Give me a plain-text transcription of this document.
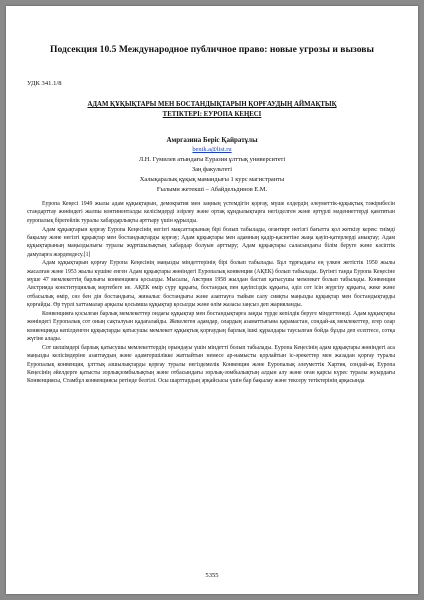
Подсекция 10.5 Международное публичное право: новые угрозы и вызовы
УДК 341.1/8
АДАМ ҚҰҚЫҚТАРЫ МЕН БОСТАНДЫҚТАРЫН ҚОРҒАУДЫҢ АЙМАҚТЫҚ
ТЕТІКТЕРІ: ЕУРОПА КЕҢЕСІ
Амргазина Беріс Қайратұлы
benik.a@list.ru
Л.Н. Гумилев атындағы Еуразия ұлттық университеті
Заң факультеті
Халықаралық құқық мамандығы 1 курс магистранты
Ғылыми жетекші – Абайдельдинов Е.М.

Еуропа Кеңесі 1949 жылы адам құқықтарын, демократия мен заңның үстемдігін қорғау, мүше елдердің әлеуметтік-құқықтық тәжірибесін стандарттау жөніндегі жалпы континенталды келісімдерді әзірлеу және ортақ құндылықтарға негізделген және әртүрлі мәдениеттерді қамтитын еуропалық бірегейлік туралы хабардарлықты арттыру үшін құрылды.

Адам құқықтарын қорғау Еуропа Кеңесінің негізгі мақсаттарының бірі болып табылады, оғантирт негізгі бағытта қол жеткізу керек: тиімді бақылау және негізгі құқықтар мен бостандықтарды қорғау; Адам құқықтары мен адамның қадір-қасиетіне жаңа қауіп-қатерлерді анықтау; Адам құқықтарының маңыздылығы туралы жұртшылықтың хабардар болуын арттыру; Адам құқықтары саласындағы білім беруге және кәсіптік дамуларға жәрдемдесу.[1]

Адам құқықтарын қорғау Еуропа Кеңесінің маңызды міндеттерінің бірі болып табылады. Бұл тұрғыдағы ең үлкен жетістік 1950 жылы жасалған және 1953 жылы күшіне енген Адам құқықтары жөніндегі Еуропалық конвенция (АҚЕК) болып табылады. Бүгінгі таңда Еуропа Кеңесіне мүше 47 мемлекеттің барлығы конвенцияға қосылды. Мысалы, Австрия 1958 жылдан бастап қатысушы мемлекет болып табылады. Конвенция Австрияда конституциялық мәртебеге ие. АҚЕК өмір сүру құқығы, бостандық пен қауіпсіздік құқығы, әділ сот ісін жүргізу құқығы, жеке және отбасылық өмір, сөз бен дін бостандығы, жиналыс бостандығы және азаптауға тыйым салу сияқты маңызды құқықтар мен бостандықтарды қорғайды. Өр түрлі хаттамалар арқылы қосымша құқықтар қосылды және өлім жазасы заңсыз деп жарияланды.

Конвенцияға қосылған барлық мемлекеттер ондағы құқықтар мен бостандықтарға заңды түрде кепілдік беруге міндеттенеді. Адам құқықтары жөніндегі Еуропалық сот оның сақталуын қадағалайды. Жекелеген адамдар, олардың азаматтығына қарамастан, сондай-ақ мемлекеттер, егер олар конвенцияда кепілденген құқықтарды қатысушы мемлекет құқықтық қорғаудың барлық ішкі құралдары таусылған бойда бұзды деп есептесе, сотқа жүгіне алады.

Сот шешімдері барлық қатысушы мемлекеттердің орындауы үшін міндетті болып табылады. Еуропа Кеңесінің адам құқықтары жөніндегі аса маңызды келісімдеріне азаптаудың және адамгершілікке жатпайтын немесе ар-намысты қорлайтын іс-әрекеттер мен жазадан қорғау туралы Еуропалық конвенция, ұлттық азшылықтарды қорғау туралы негіздемелік Конвенция және Еуропалық әлеуметтік Хартия, сондай-ақ Еуропа Кеңесінің әйелдерге қатысты зорлықзомбылықтың және отбасындағы зорлық-зомбылықтың алдын алу және оған қарсы күрес туралы жуырдағы Конвенциясы, Стамбұл конвенциясы ретінде белгілі. Осы шарттардың әрқайсысы үшін бар бақылау және тексеру тетіктерінің арқасында

5355
